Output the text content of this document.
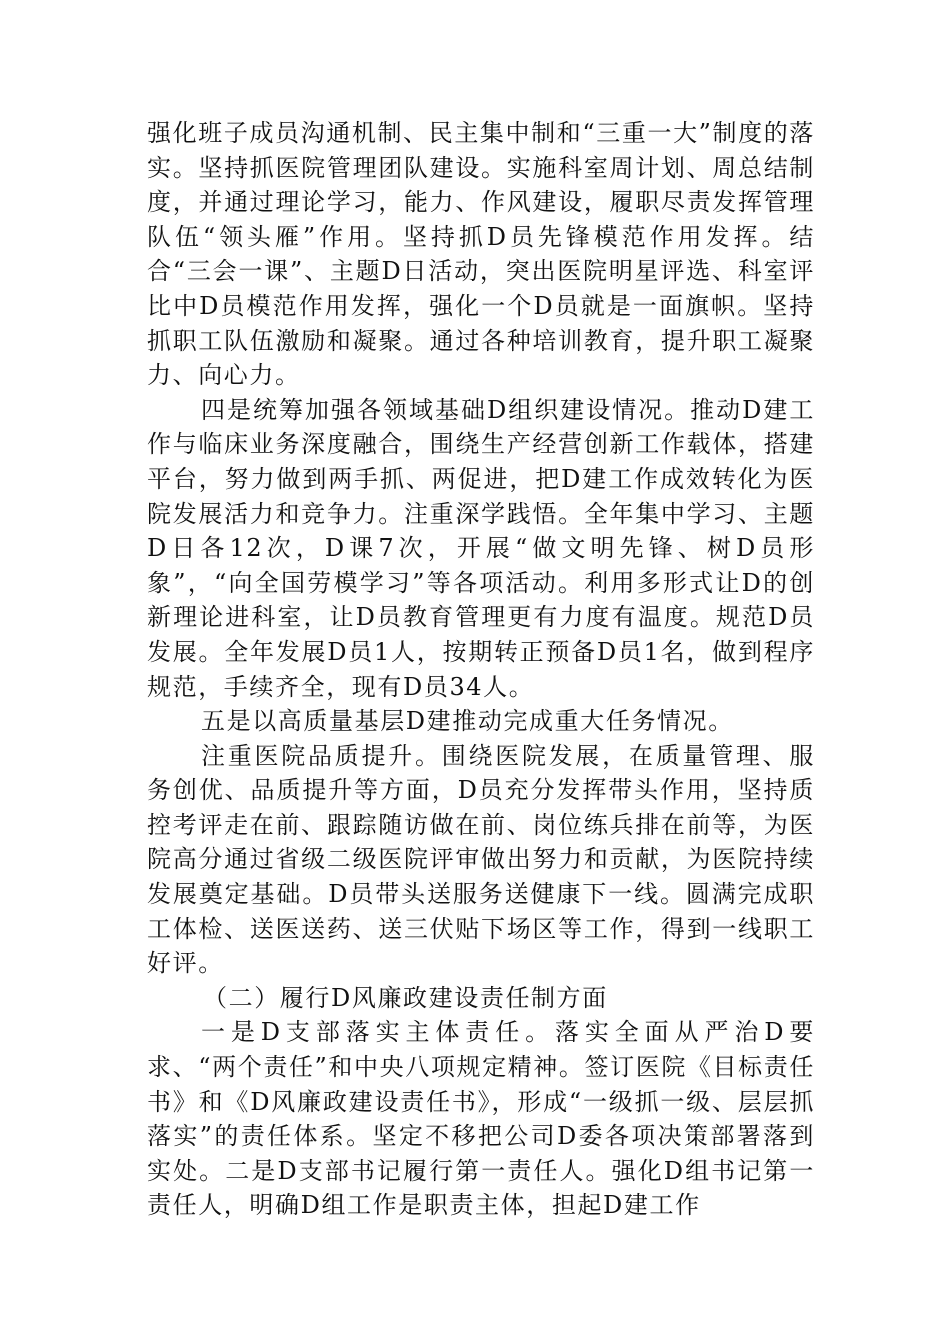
强化班子成员沟通机制、民主集中制和“三重一大”制度的落实。坚持抓医院管理团队建设。实施科室周计划、周总结制度，并通过理论学习，能力、作风建设，履职尽责发挥管理队伍“领头雁”作用。坚持抓D员先锋模范作用发挥。结合“三会一课”、主题D日活动，突出医院明星评选、科室评比中D员模范作用发挥，强化一个D员就是一面旗帜。坚持抓职工队伍激励和凝聚。通过各种培训教育，提升职工凝聚力、向心力。

四是统筹加强各领域基础D组织建设情况。推动D建工作与临床业务深度融合，围绕生产经营创新工作载体，搭建平台，努力做到两手抓、两促进，把D建工作成效转化为医院发展活力和竞争力。注重深学践悟。全年集中学习、主题D日各12次，D课7次，开展“做文明先锋、树D员形象”，“向全国劳模学习”等各项活动。利用多形式让D的创新理论进科室，让D员教育管理更有力度有温度。规范D员发展。全年发展D员1人，按期转正预备D员1名，做到程序规范，手续齐全，现有D员34人。

五是以高质量基层D建推动完成重大任务情况。

注重医院品质提升。围绕医院发展，在质量管理、服务创优、品质提升等方面，D员充分发挥带头作用，坚持质控考评走在前、跟踪随访做在前、岗位练兵排在前等，为医院高分通过省级二级医院评审做出努力和贡献，为医院持续发展奠定基础。D员带头送服务送健康下一线。圆满完成职工体检、送医送药、送三伏贴下场区等工作，得到一线职工好评。

（二）履行D风廉政建设责任制方面

一是D支部落实主体责任。落实全面从严治D要求、“两个责任”和中央八项规定精神。签订医院《目标责任书》和《D风廉政建设责任书》，形成“一级抓一级、层层抓落实”的责任体系。坚定不移把公司D委各项决策部署落到实处。二是D支部书记履行第一责任人。强化D组书记第一责任人，明确D组工作是职责主体，担起D建工作
